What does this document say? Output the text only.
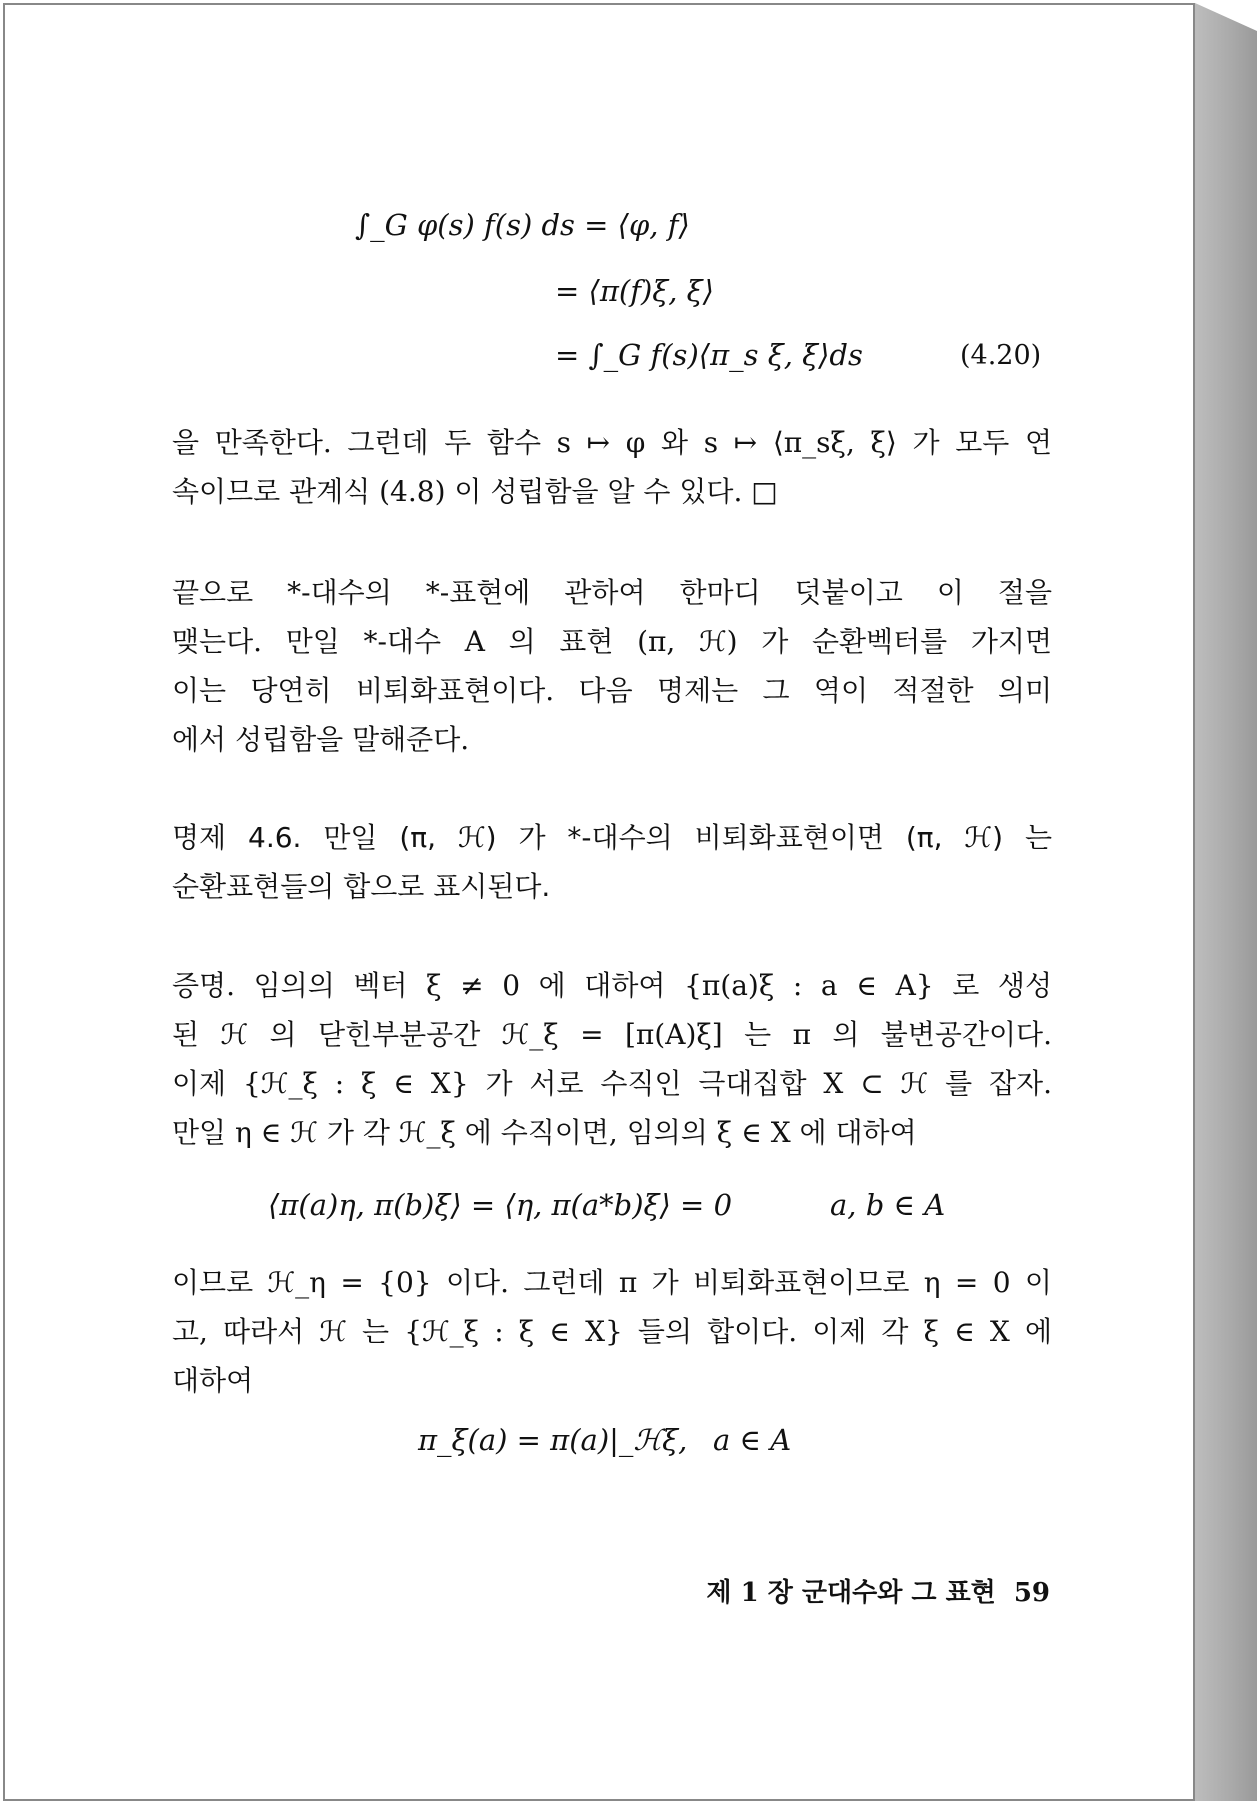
∫_G φ(s) f(s) ds = ⟨φ, f⟩
= ⟨π(f)ξ, ξ⟩
= ∫_G f(s)⟨π_s ξ, ξ⟩ds	(4.20)
을 만족한다. 그런데 두 함수 s ↦ φ 와 s ↦ ⟨π_sξ, ξ⟩ 가 모두 연
속이므로 관계식 (4.8) 이 성립함을 알 수 있다. □
끝으로 *-대수의 *-표현에 관하여 한마디 덧붙이고 이 절을
맺는다. 만일 *-대수 A 의 표현 (π, ℋ) 가 순환벡터를 가지면
이는 당연히 비퇴화표현이다. 다음 명제는 그 역이 적절한 의미
에서 성립함을 말해준다.
명제 4.6. 만일 (π, ℋ) 가 *-대수의 비퇴화표현이면 (π, ℋ) 는
순환표현들의 합으로 표시된다.
증명. 임의의 벡터 ξ ≠ 0 에 대하여 {π(a)ξ : a ∈ A} 로 생성
된 ℋ 의 닫힌부분공간 ℋ_ξ = [π(A)ξ] 는 π 의 불변공간이다.
이제 {ℋ_ξ : ξ ∈ X} 가 서로 수직인 극대집합 X ⊂ ℋ 를 잡자.
만일 η ∈ ℋ 가 각 ℋ_ξ 에 수직이면, 임의의 ξ ∈ X 에 대하여
⟨π(a)η, π(b)ξ⟩ = ⟨η, π(a*b)ξ⟩ = 0	a, b ∈ A
이므로 ℋ_η = {0} 이다. 그런데 π 가 비퇴화표현이므로 η = 0 이
고, 따라서 ℋ 는 {ℋ_ξ : ξ ∈ X} 들의 합이다. 이제 각 ξ ∈ X 에
대하여
π_ξ(a) = π(a)|_ℋξ, a ∈ A
제 1 장 군대수와 그 표현 59
